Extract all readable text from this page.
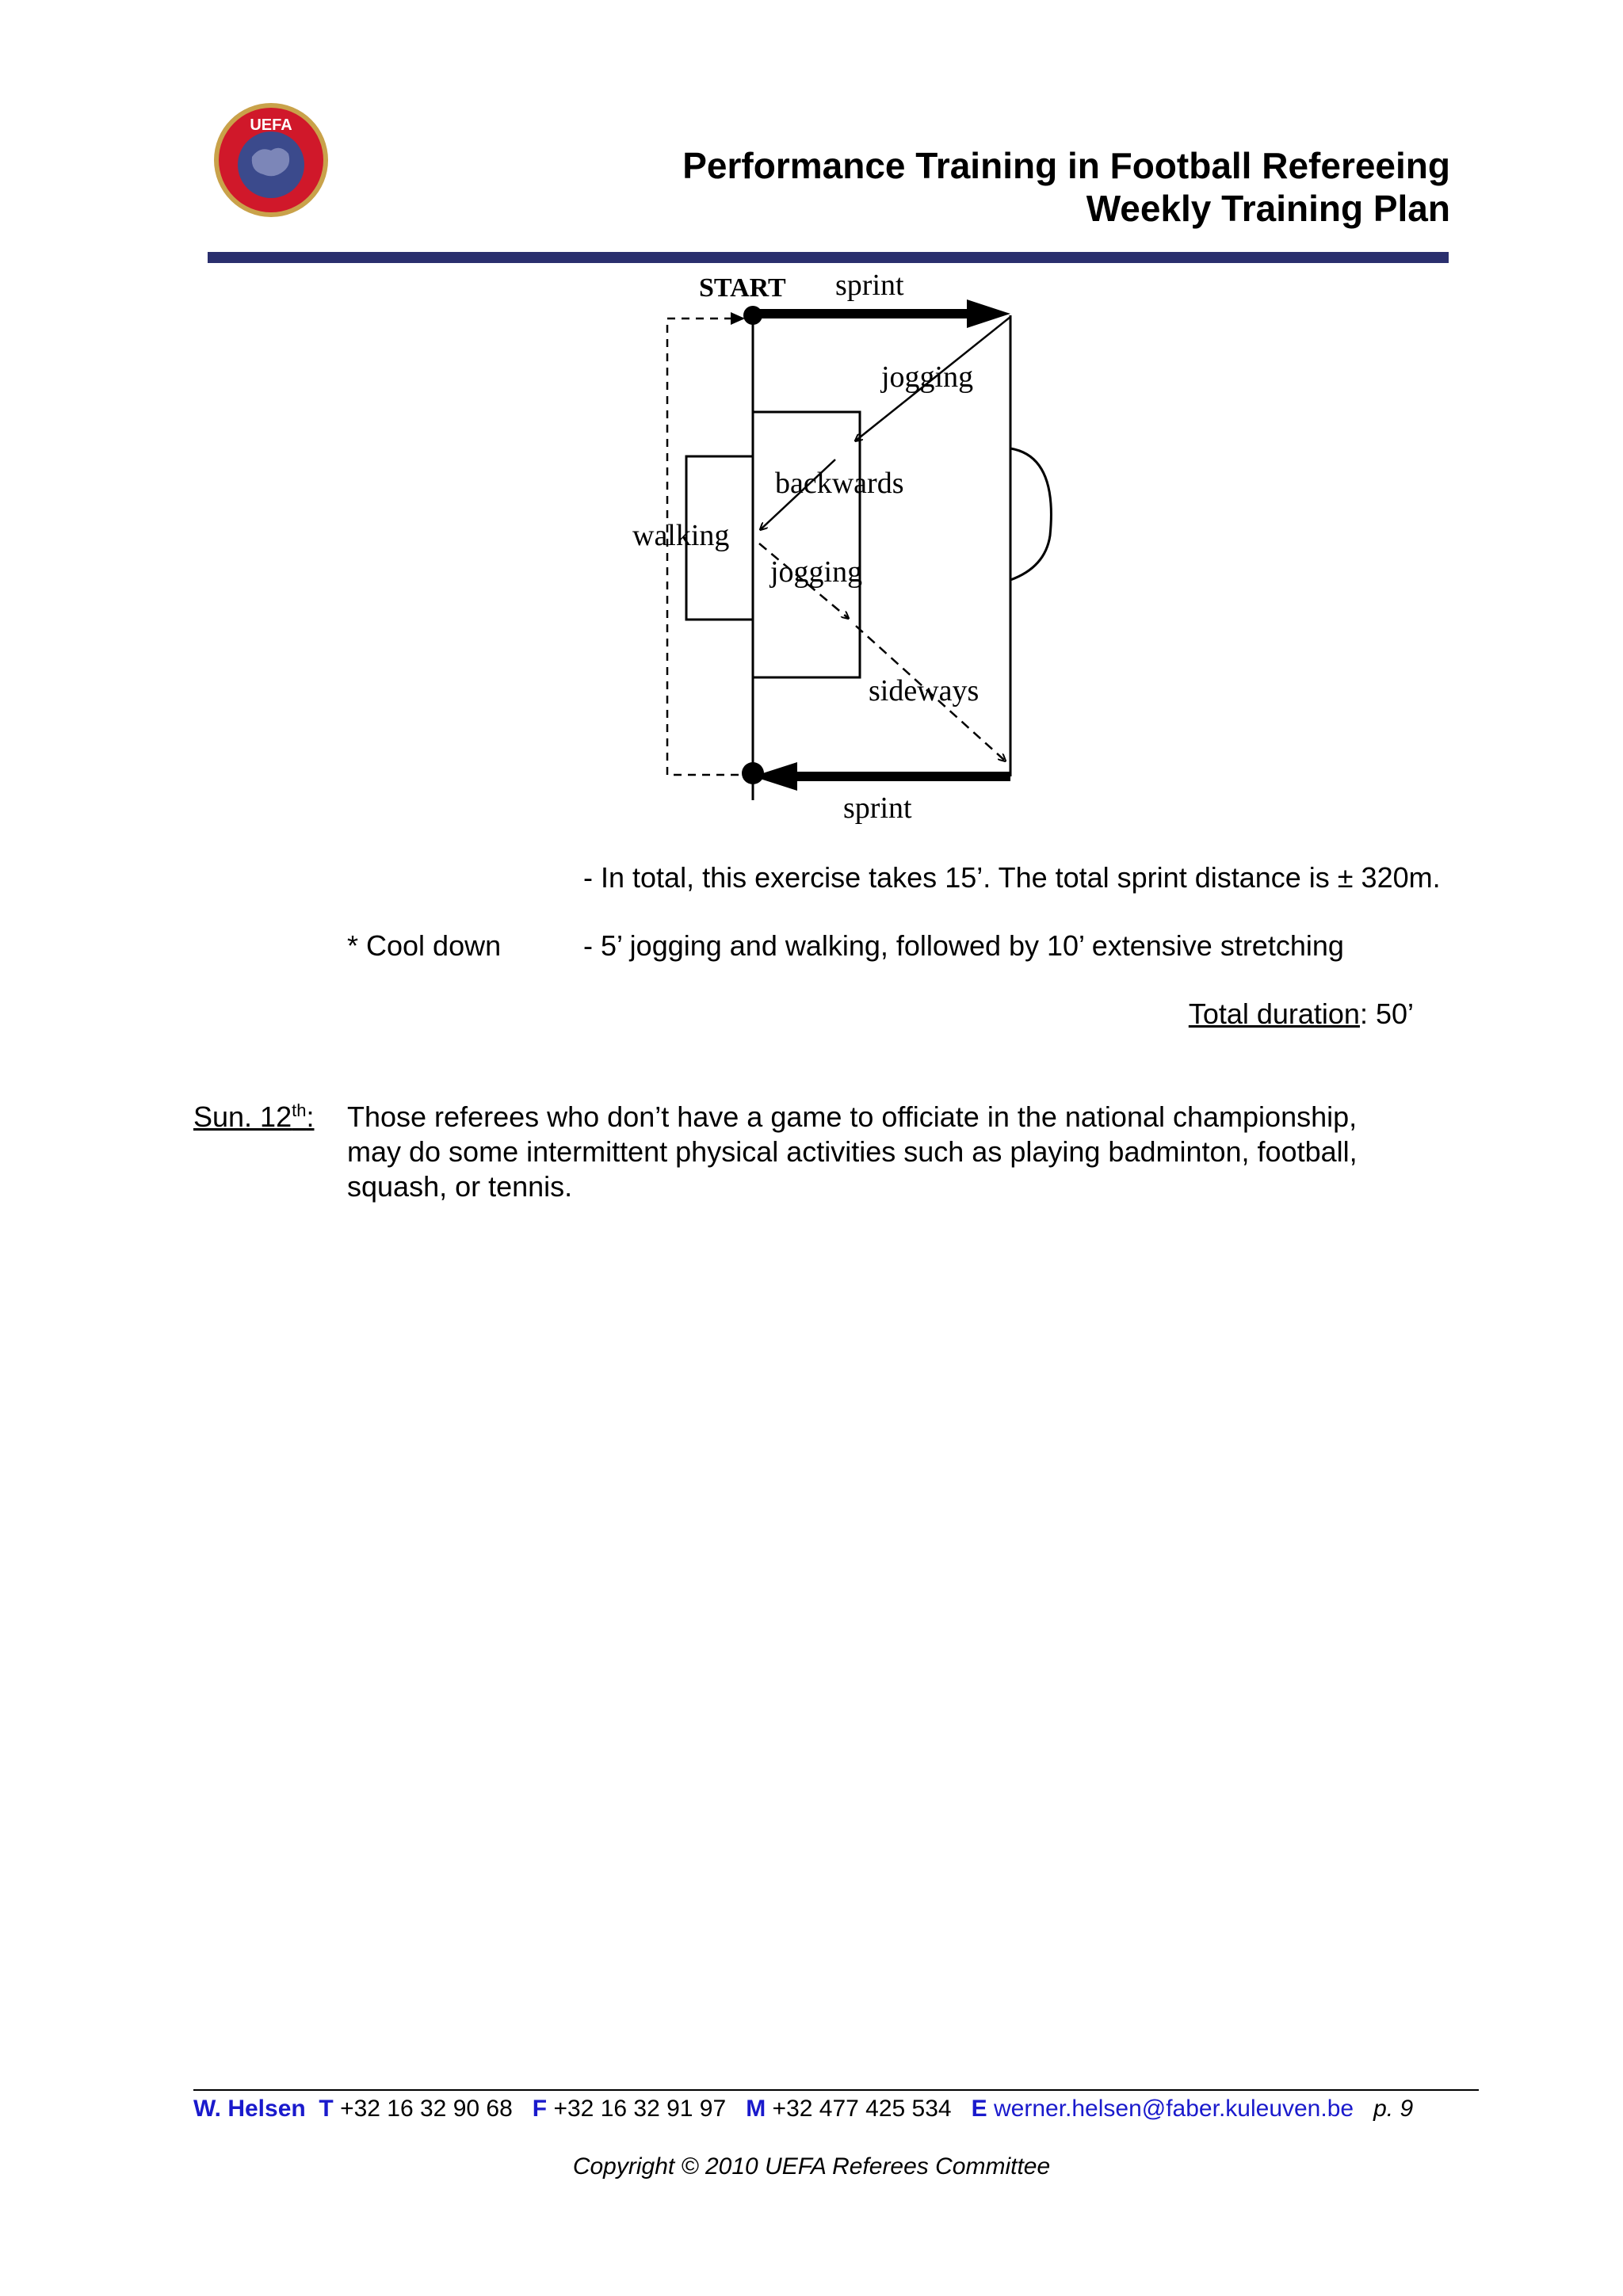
UEFA
Performance Training in Football Refereeing
Weekly Training Plan
START sprint
jogging
backwards
walking
jogging
sideways
sprint
- In total, this exercise takes 15’. The total sprint distance is ± 320m.
* Cool down	- 5’ jogging and walking, followed by 10’ extensive stretching
Total duration: 50’
Sun. 12th: Those referees who don’t have a game to officiate in the national championship,
may do some intermittent physical activities such as playing badminton, football,
squash, or tennis.
W. Helsen T +32 16 32 90 68 F +32 16 32 91 97 M +32 477 425 534 E werner.helsen@faber.kuleuven.be p. 9
Copyright © 2010 UEFA Referees Committee
